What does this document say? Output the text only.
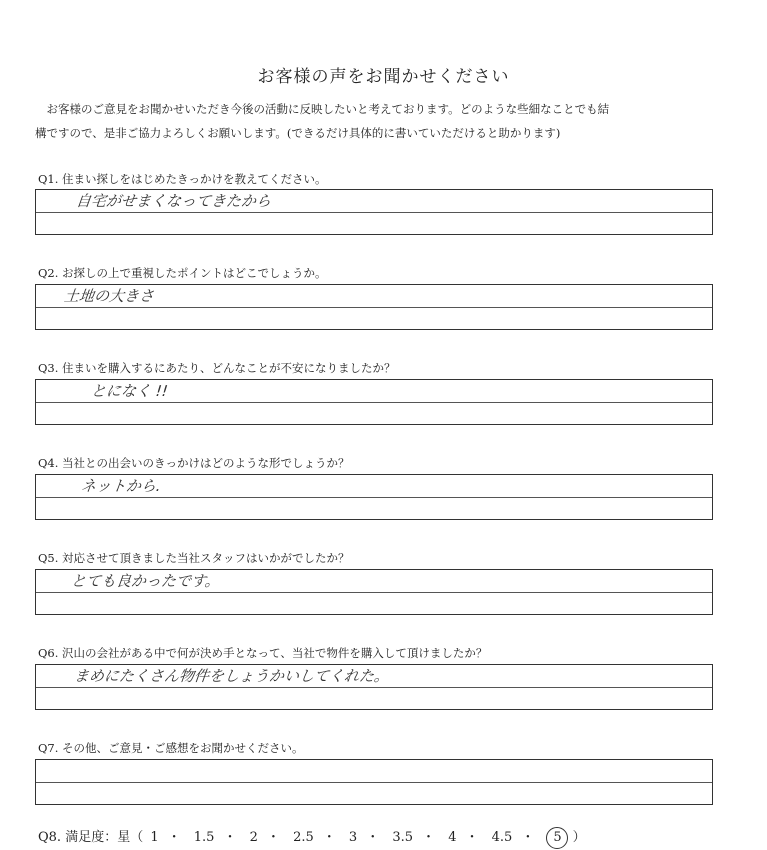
お客様の声をお聞かせください

お客様のご意見をお聞かせいただき今後の活動に反映したいと考えております。どのような些細なことでも結

構ですので、是非ご協力よろしくお願いします。(できるだけ具体的に書いていただけると助かります)
Q1. 住まい探しをはじめたきっかけを教えてください。
自宅がせまくなってきたから
Q2. お探しの上で重視したポイントはどこでしょうか。
土地の大きさ
Q3. 住まいを購入するにあたり、どんなことが不安になりましたか？
とになく !!
Q4. 当社との出会いのきっかけはどのような形でしょうか？
ネットから.
Q5. 対応させて頂きました当社スタッフはいかがでしたか？
とても良かったです。
Q6. 沢山の会社がある中で何が決め手となって、当社で物件を購入して頂けましたか？
まめにたくさん物件をしょうかいしてくれた。
Q7. その他、ご意見・ご感想をお聞かせください。
Q8. 満足度：星（ 1 ・ 1.5 ・ 2 ・ 2.5 ・ 3 ・ 3.5 ・ 4 ・ 4.5 ・ 5 ）
